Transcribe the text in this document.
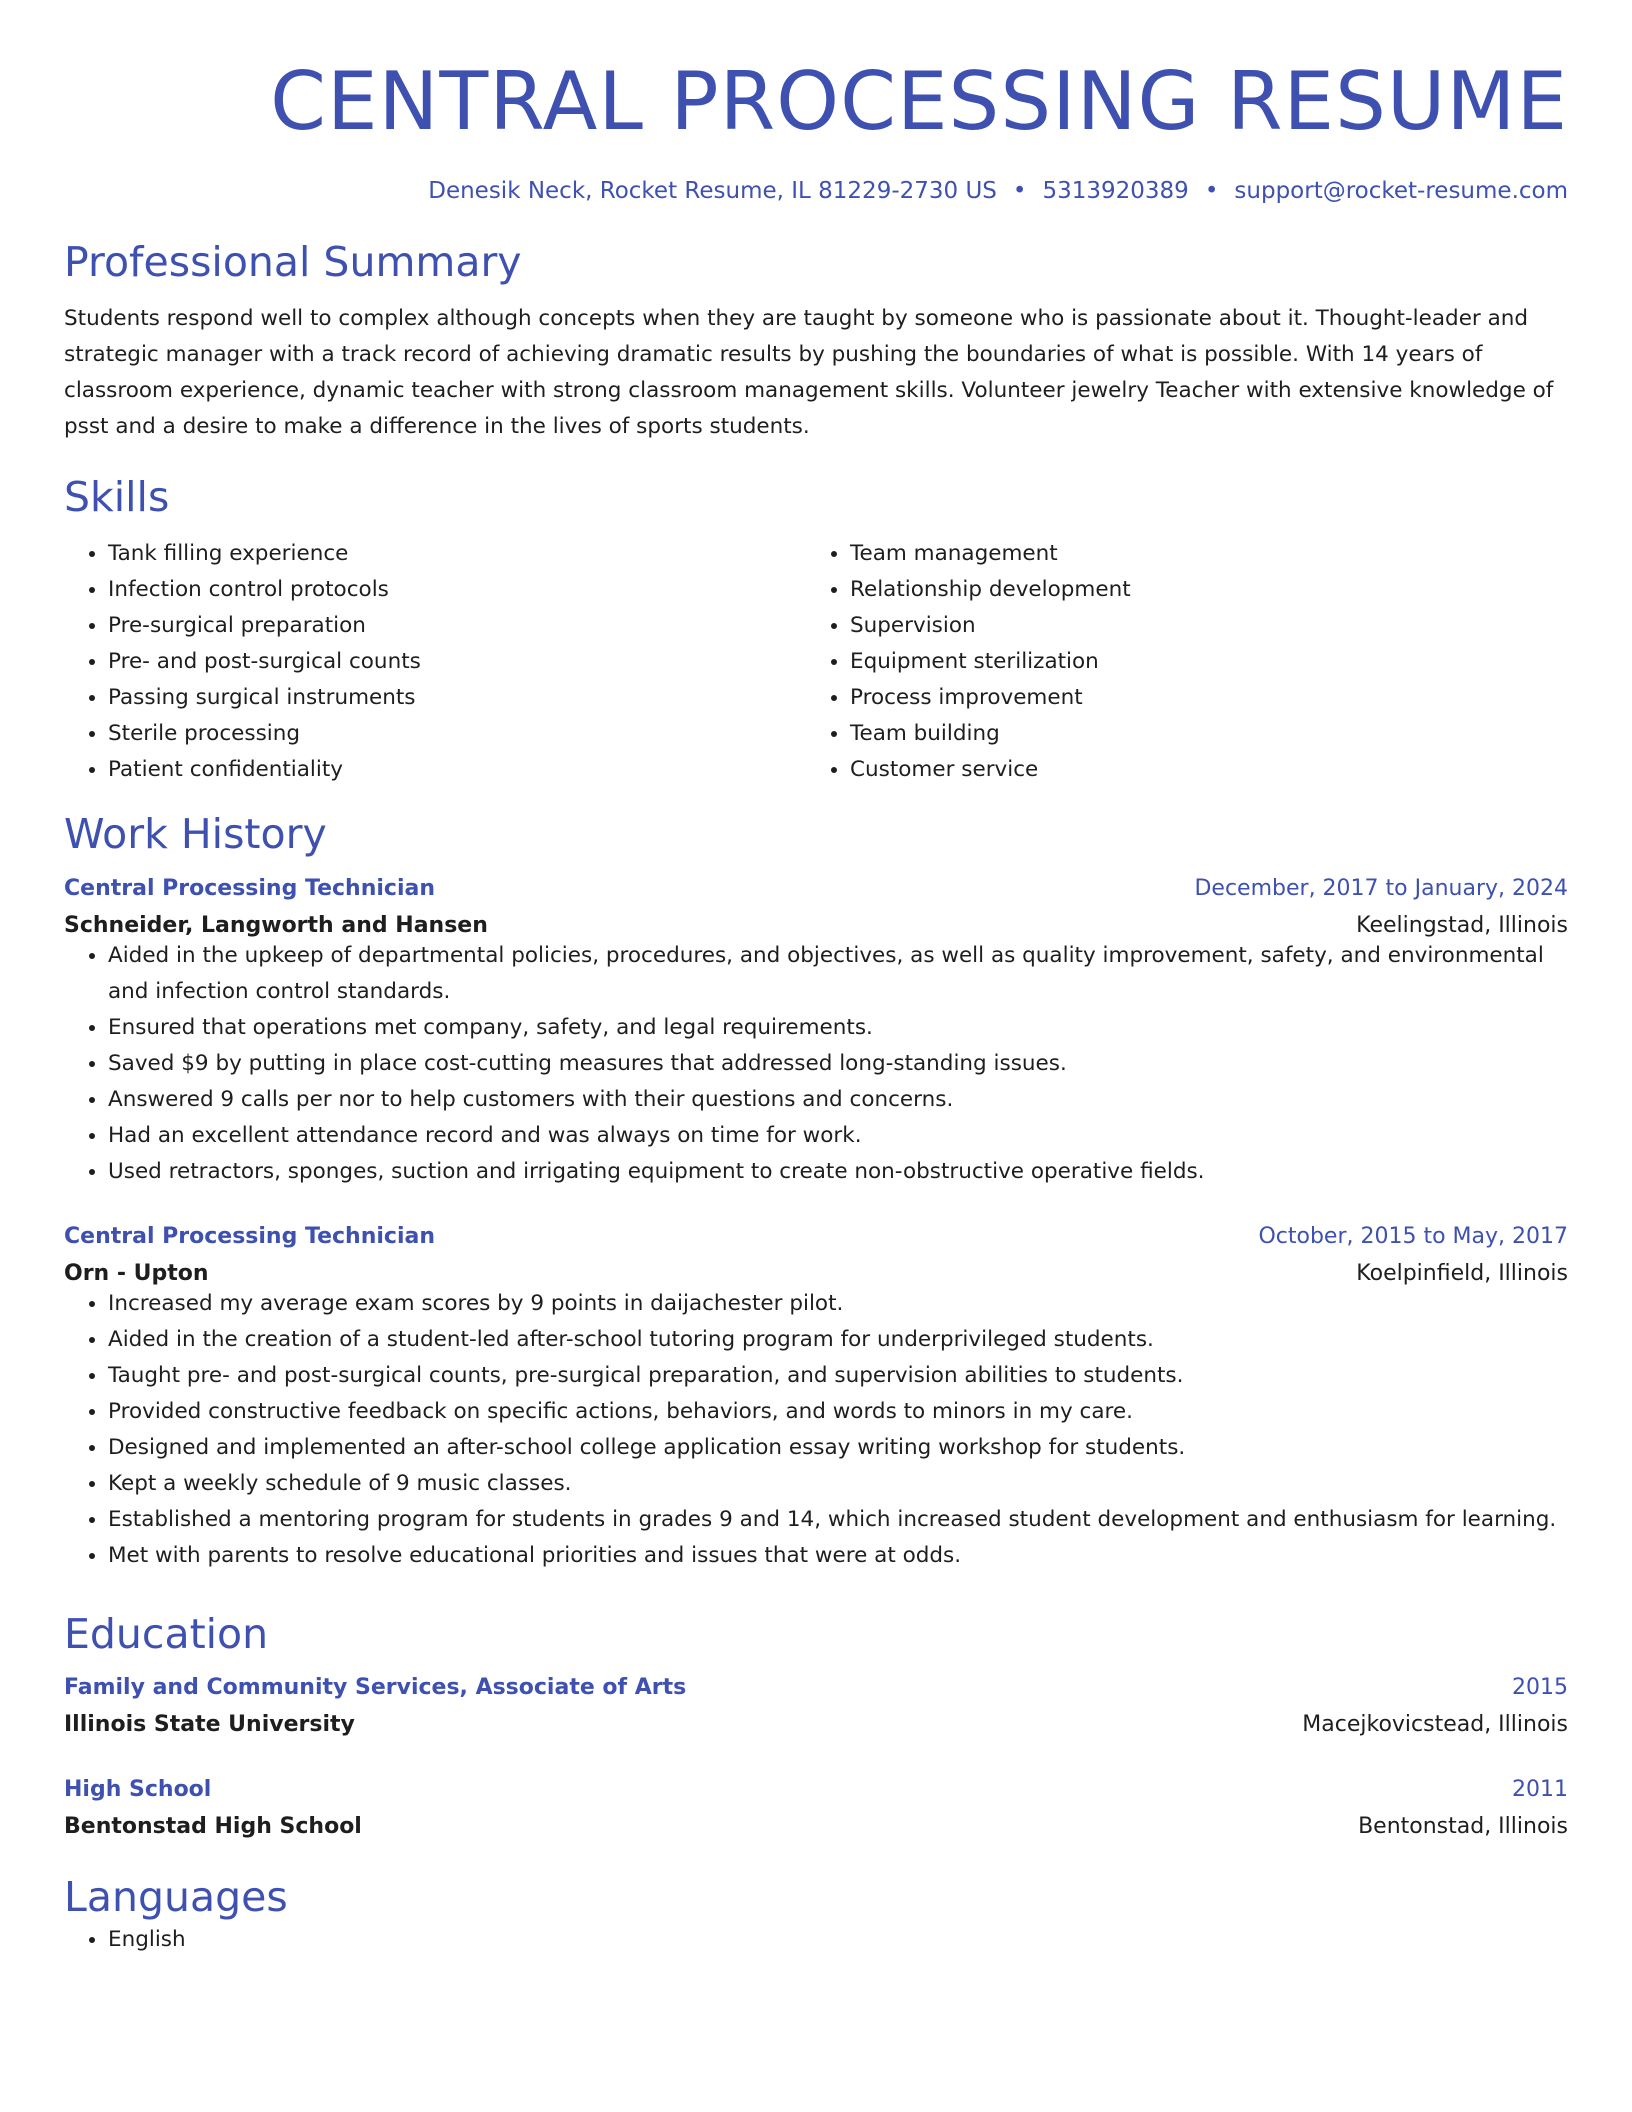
CENTRAL PROCESSING RESUME
Denesik Neck, Rocket Resume, IL 81229-2730 US • 5313920389 • support@rocket-resume.com
Professional Summary

Students respond well to complex although concepts when they are taught by someone who is passionate about it. Thought-leader and strategic manager with a track record of achieving dramatic results by pushing the boundaries of what is possible. With 14 years of classroom experience, dynamic teacher with strong classroom management skills. Volunteer jewelry Teacher with extensive knowledge of psst and a desire to make a difference in the lives of sports students.

Skills
• Tank filling experience
• Infection control protocols
• Pre-surgical preparation
• Pre- and post-surgical counts
• Passing surgical instruments
• Sterile processing
• Patient confidentiality
• Team management
• Relationship development
• Supervision
• Equipment sterilization
• Process improvement
• Team building
• Customer service
Work History
Central Processing Technician	December, 2017 to January, 2024
Schneider, Langworth and Hansen	Keelingstad, Illinois
• Aided in the upkeep of departmental policies, procedures, and objectives, as well as quality improvement, safety, and environmental and infection control standards.
• Ensured that operations met company, safety, and legal requirements.
• Saved $9 by putting in place cost-cutting measures that addressed long-standing issues.
• Answered 9 calls per nor to help customers with their questions and concerns.
• Had an excellent attendance record and was always on time for work.
• Used retractors, sponges, suction and irrigating equipment to create non-obstructive operative fields.
Central Processing Technician	October, 2015 to May, 2017
Orn - Upton	Koelpinfield, Illinois
• Increased my average exam scores by 9 points in daijachester pilot.
• Aided in the creation of a student-led after-school tutoring program for underprivileged students.
• Taught pre- and post-surgical counts, pre-surgical preparation, and supervision abilities to students.
• Provided constructive feedback on specific actions, behaviors, and words to minors in my care.
• Designed and implemented an after-school college application essay writing workshop for students.
• Kept a weekly schedule of 9 music classes.
• Established a mentoring program for students in grades 9 and 14, which increased student development and enthusiasm for learning.
• Met with parents to resolve educational priorities and issues that were at odds.
Education
Family and Community Services, Associate of Arts	2015
Illinois State University	Macejkovicstead, Illinois
High School	2011
Bentonstad High School	Bentonstad, Illinois
Languages
• English
